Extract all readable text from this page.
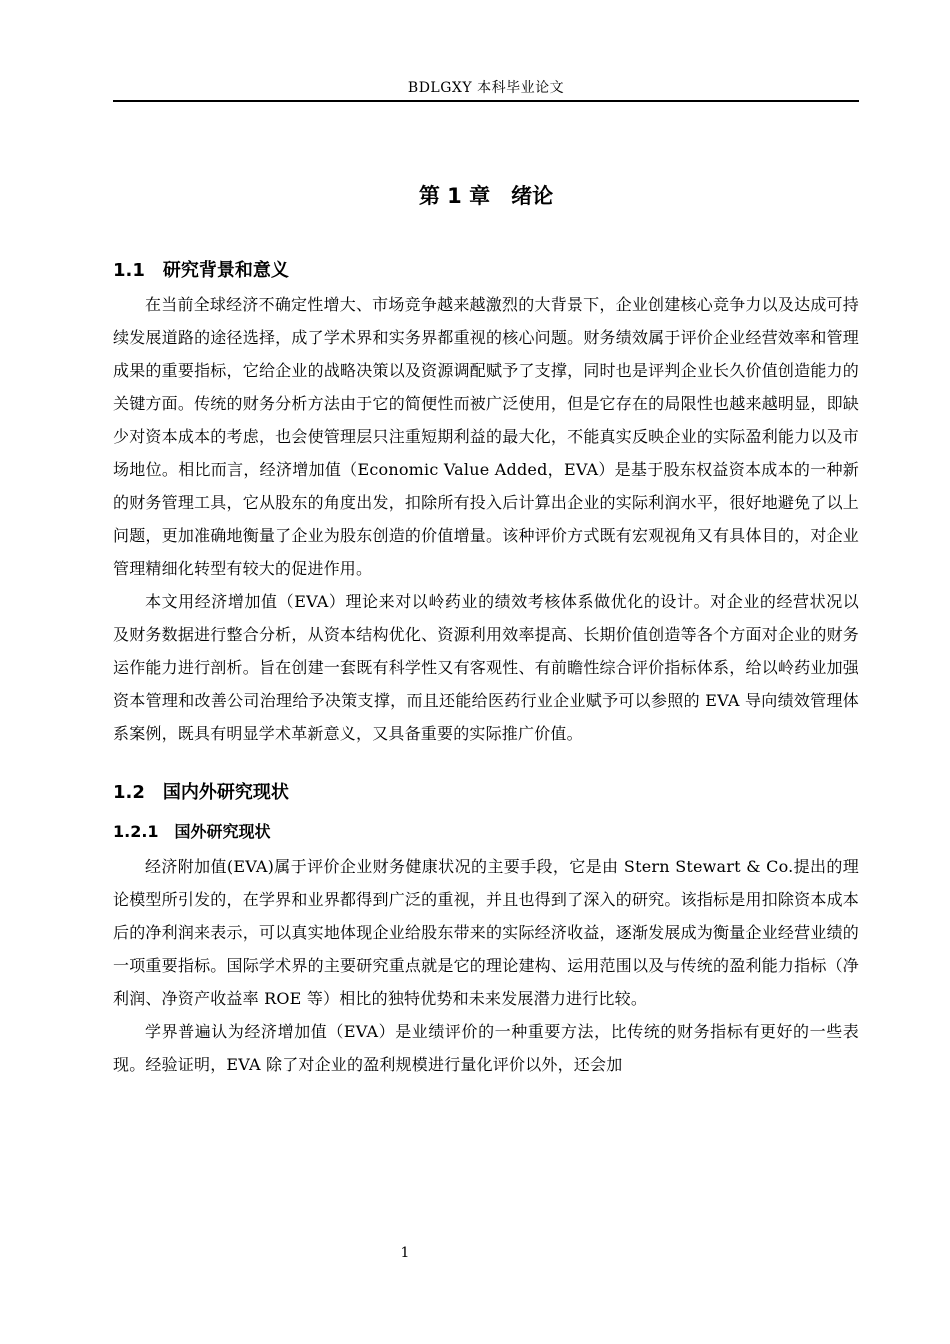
BDLGXY 本科毕业论文
第 1 章　绪论
1.1　研究背景和意义

在当前全球经济不确定性增大、市场竞争越来越激烈的大背景下，企业创建核心竞争力以及达成可持续发展道路的途径选择，成了学术界和实务界都重视的核心问题。财务绩效属于评价企业经营效率和管理成果的重要指标，它给企业的战略决策以及资源调配赋予了支撑，同时也是评判企业长久价值创造能力的关键方面。传统的财务分析方法由于它的简便性而被广泛使用，但是它存在的局限性也越来越明显，即缺少对资本成本的考虑，也会使管理层只注重短期利益的最大化，不能真实反映企业的实际盈利能力以及市场地位。相比而言，经济增加值（Economic Value Added，EVA）是基于股东权益资本成本的一种新的财务管理工具，它从股东的角度出发，扣除所有投入后计算出企业的实际利润水平，很好地避免了以上问题，更加准确地衡量了企业为股东创造的价值增量。该种评价方式既有宏观视角又有具体目的，对企业管理精细化转型有较大的促进作用。

本文用经济增加值（EVA）理论来对以岭药业的绩效考核体系做优化的设计。对企业的经营状况以及财务数据进行整合分析，从资本结构优化、资源利用效率提高、长期价值创造等各个方面对企业的财务运作能力进行剖析。旨在创建一套既有科学性又有客观性、有前瞻性综合评价指标体系，给以岭药业加强资本管理和改善公司治理给予决策支撑，而且还能给医药行业企业赋予可以参照的 EVA 导向绩效管理体系案例，既具有明显学术革新意义，又具备重要的实际推广价值。

1.2　国内外研究现状
1.2.1　国外研究现状

经济附加值(EVA)属于评价企业财务健康状况的主要手段，它是由 Stern Stewart & Co.提出的理论模型所引发的，在学界和业界都得到广泛的重视，并且也得到了深入的研究。该指标是用扣除资本成本后的净利润来表示，可以真实地体现企业给股东带来的实际经济收益，逐渐发展成为衡量企业经营业绩的一项重要指标。国际学术界的主要研究重点就是它的理论建构、运用范围以及与传统的盈利能力指标（净利润、净资产收益率 ROE 等）相比的独特优势和未来发展潜力进行比较。

学界普遍认为经济增加值（EVA）是业绩评价的一种重要方法，比传统的财务指标有更好的一些表现。经验证明，EVA 除了对企业的盈利规模进行量化评价以外，还会加

1
